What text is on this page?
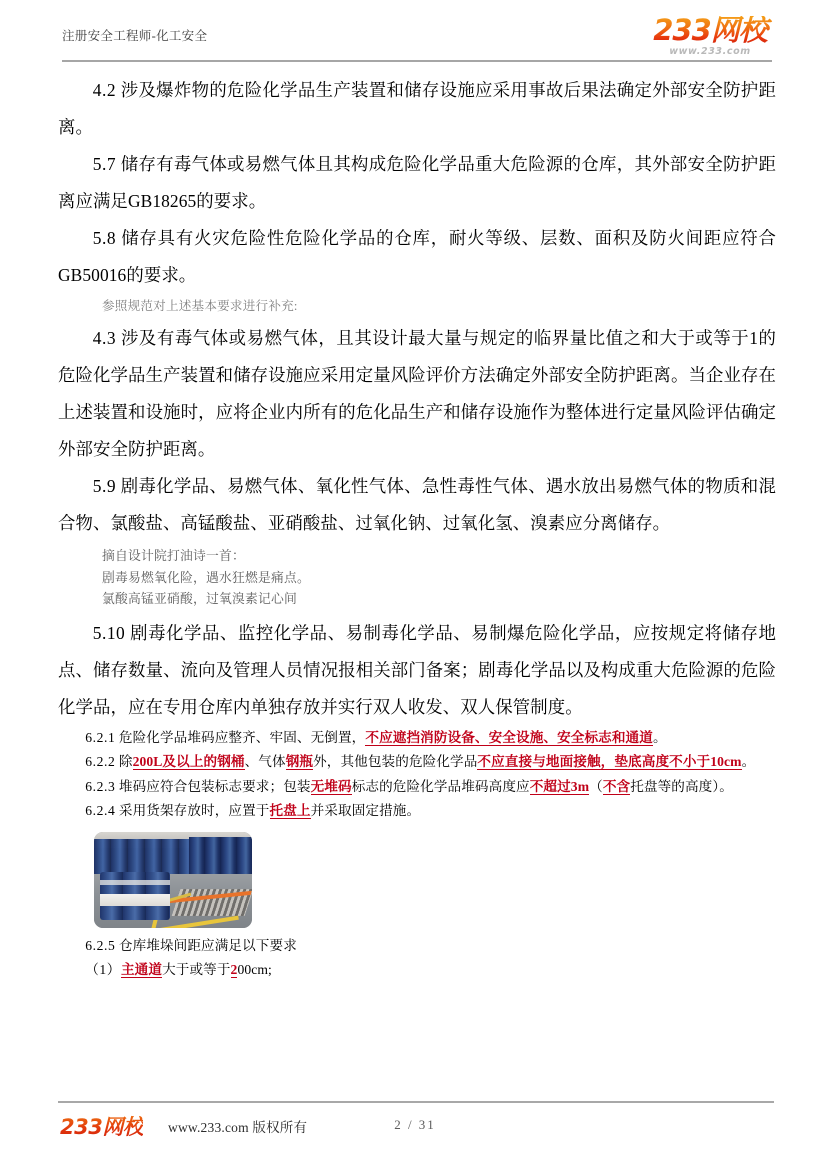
注册安全工程师-化工安全	233网校
www.233.com

4.2 涉及爆炸物的危险化学品生产装置和储存设施应采用事故后果法确定外部安全防护距离。

5.7 储存有毒气体或易燃气体且其构成危险化学品重大危险源的仓库，其外部安全防护距离应满足GB18265的要求。

5.8 储存具有火灾危险性危险化学品的仓库，耐火等级、层数、面积及防火间距应符合GB50016的要求。

参照规范对上述基本要求进行补充:

4.3 涉及有毒气体或易燃气体，且其设计最大量与规定的临界量比值之和大于或等于1的危险化学品生产装置和储存设施应采用定量风险评价方法确定外部安全防护距离。当企业存在上述装置和设施时，应将企业内所有的危化品生产和储存设施作为整体进行定量风险评估确定外部安全防护距离。

5.9 剧毒化学品、易燃气体、氧化性气体、急性毒性气体、遇水放出易燃气体的物质和混合物、氯酸盐、高锰酸盐、亚硝酸盐、过氧化钠、过氧化氢、溴素应分离储存。

摘自设计院打油诗一首：
剧毒易燃氧化险，遇水狂燃是痛点。
氯酸高锰亚硝酸，过氧溴素记心间

5.10 剧毒化学品、监控化学品、易制毒化学品、易制爆危险化学品，应按规定将储存地点、储存数量、流向及管理人员情况报相关部门备案；剧毒化学品以及构成重大危险源的危险化学品，应在专用仓库内单独存放并实行双人收发、双人保管制度。

6.2.1 危险化学品堆码应整齐、牢固、无倒置，不应遮挡消防设备、安全设施、安全标志和通道。

6.2.2 除200L及以上的钢桶、气体钢瓶外，其他包装的危险化学品不应直接与地面接触，垫底高度不小于10cm。

6.2.3 堆码应符合包装标志要求；包装无堆码标志的危险化学品堆码高度应不超过3m（不含托盘等的高度）。

6.2.4 采用货架存放时，应置于托盘上并采取固定措施。

6.2.5 仓库堆垛间距应满足以下要求

（1）主通道大于或等于200cm;

233网校 www.233.com 版权所有	2 / 31
